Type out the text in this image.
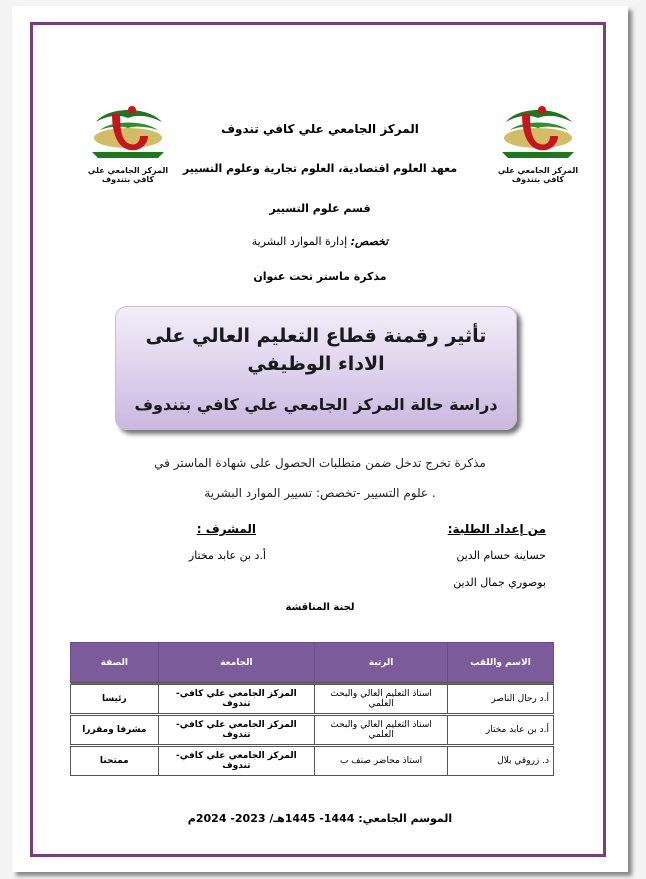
المركز الجامعي علي كافي بتندوف
المركز الجامعي علي كافي بتندوف
المركز الجامعي علي كافي تندوف
معهد العلوم اقتصادية، العلوم تجارية وعلوم التسيير
قسم علوم التسيير
تخصص: إدارة الموارد البشرية
مذكرة ماستر تحت عنوان
تأثير رقمنة قطاع التعليم العالي على
الاداء الوظيفي
دراسة حالة المركز الجامعي علي كافي بتندوف
مذكرة تخرج تدخل ضمن متطلبات الحصول على شهادة الماستر في
. علوم التسيير -تخصص: تسيير الموارد البشرية
من إعداد الطلبة:
حساينة حسام الدين
بوصوري جمال الدين
المشرف :
أ.د بن عابد مختار
لجنة المناقشة
الاسم واللقب	الرتبة	الجامعة	الصفة
أ.د رحال الناصر	استاذ التعليم العالي والبحث العلمي	المركز الجامعي علي كافي-تندوف	رئيسا
أ.د بن عابد مختار	استاذ التعليم العالي والبحث العلمي	المركز الجامعي علي كافي-تندوف	مشرفا ومقررا
د. زروقي بلال	استاذ محاضر صنف ب	المركز الجامعي علي كافي-تندوف	ممتحنا
الموسم الجامعي: 1444- 1445هـ/ 2023- 2024م
